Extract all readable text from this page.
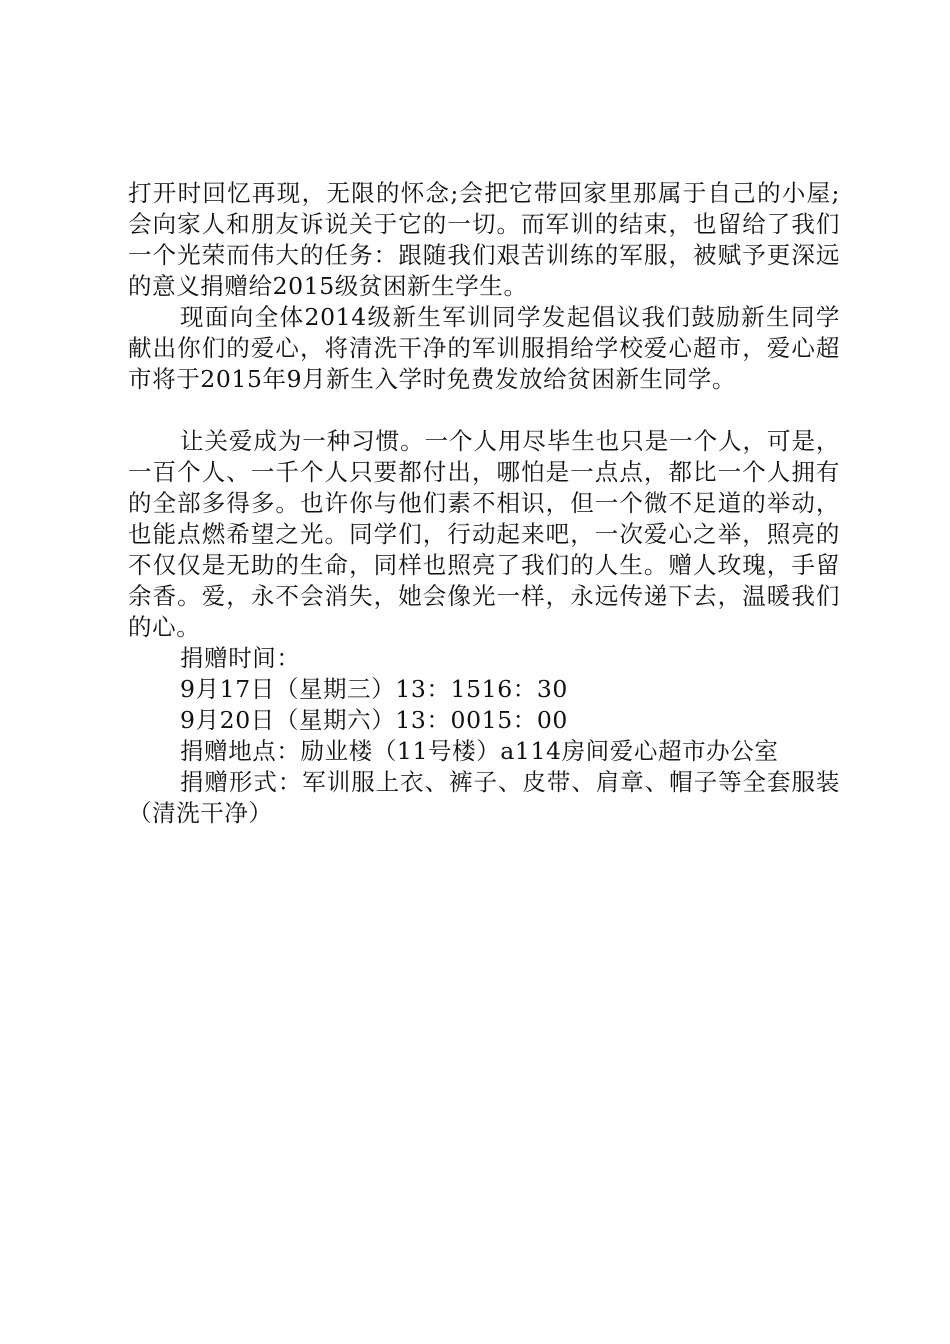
打开时回忆再现，无限的怀念;会把它带回家里那属于自己的小屋;会向家人和朋友诉说关于它的一切。而军训的结束，也留给了我们一个光荣而伟大的任务：跟随我们艰苦训练的军服，被赋予更深远的意义捐赠给2015级贫困新生学生。

现面向全体2014级新生军训同学发起倡议我们鼓励新生同学献出你们的爱心，将清洗干净的军训服捐给学校爱心超市，爱心超市将于2015年9月新生入学时免费发放给贫困新生同学。

让关爱成为一种习惯。一个人用尽毕生也只是一个人，可是，一百个人、一千个人只要都付出，哪怕是一点点，都比一个人拥有的全部多得多。也许你与他们素不相识，但一个微不足道的举动，也能点燃希望之光。同学们，行动起来吧，一次爱心之举，照亮的不仅仅是无助的生命，同样也照亮了我们的人生。赠人玫瑰，手留余香。爱，永不会消失，她会像光一样，永远传递下去，温暖我们的心。

捐赠时间：

9月17日（星期三）13：1516：30

9月20日（星期六）13：0015：00

捐赠地点：励业楼（11号楼）a114房间爱心超市办公室

捐赠形式：军训服上衣、裤子、皮带、肩章、帽子等全套服装（清洗干净）
